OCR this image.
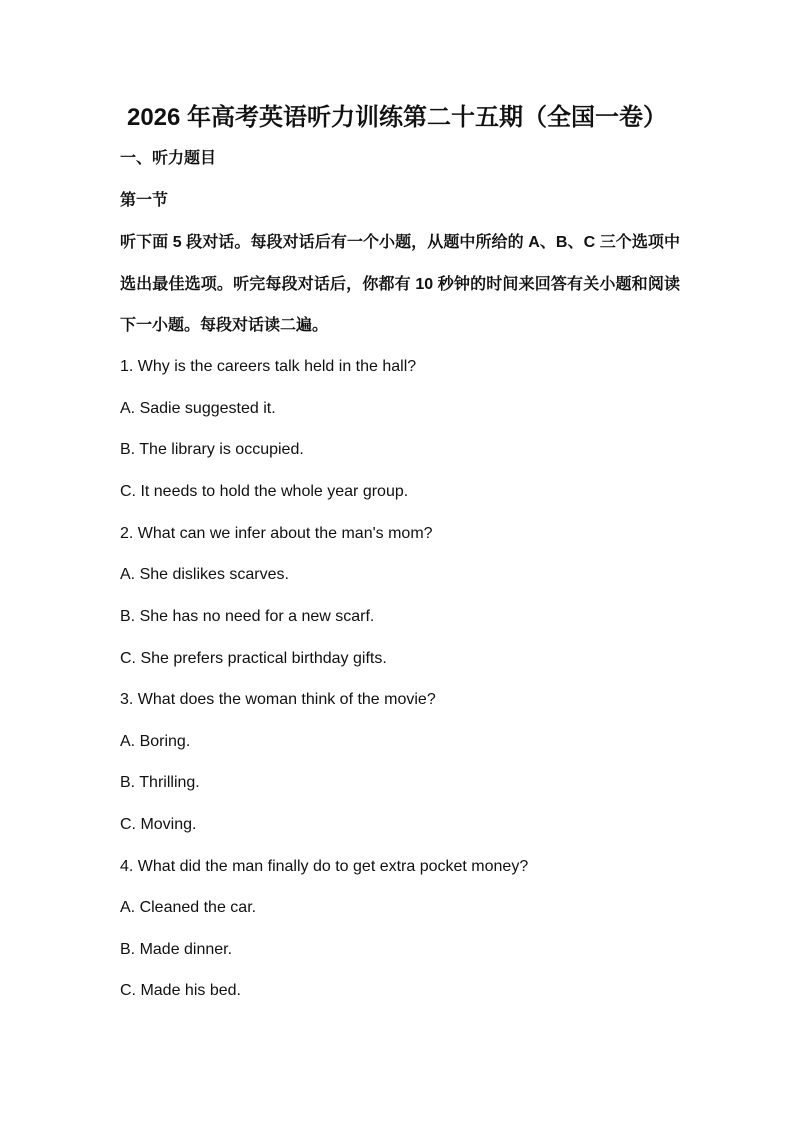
2026 年高考英语听力训练第二十五期（全国一卷）
一、听力题目
第一节
听下面 5 段对话。每段对话后有一个小题，从题中所给的 A、B、C 三个选项中选出最佳选项。听完每段对话后，你都有 10 秒钟的时间来回答有关小题和阅读下一小题。每段对话读二遍。
1. Why is the careers talk held in the hall?
A. Sadie suggested it.
B. The library is occupied.
C. It needs to hold the whole year group.
2. What can we infer about the man's mom?
A. She dislikes scarves.
B. She has no need for a new scarf.
C. She prefers practical birthday gifts.
3. What does the woman think of the movie?
A. Boring.
B. Thrilling.
C. Moving.
4. What did the man finally do to get extra pocket money?
A. Cleaned the car.
B. Made dinner.
C. Made his bed.
